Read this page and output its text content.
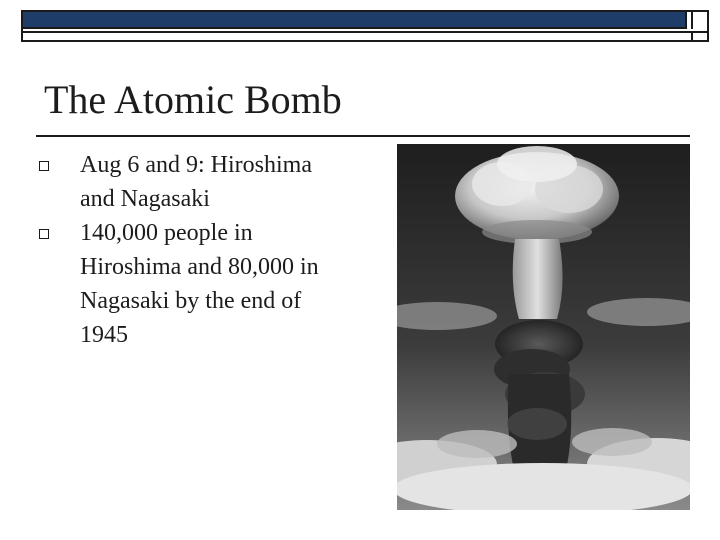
The Atomic Bomb
Aug 6 and 9: Hiroshima and Nagasaki
140,000 people in Hiroshima and 80,000 in Nagasaki by the end of 1945
